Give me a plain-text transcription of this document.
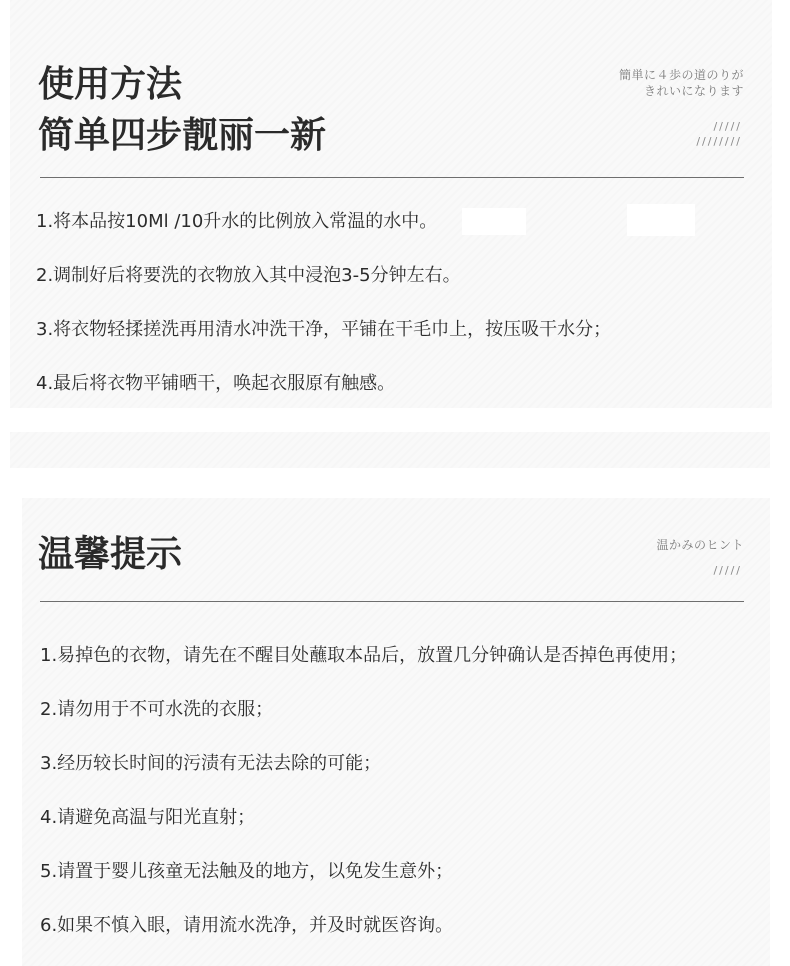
使用方法
简单四步靓丽一新
簡単に４歩の道のりが
きれいになります
/////
////////
1.将本品按10Ml /10升水的比例放入常温的水中。
2.调制好后将要洗的衣物放入其中浸泡3-5分钟左右。
3.将衣物轻揉搓洗再用清水冲洗干净，平铺在干毛巾上，按压吸干水分；
4.最后将衣物平铺晒干，唤起衣服原有触感。
温馨提示	温かみのヒント
/////
1.易掉色的衣物，请先在不醒目处蘸取本品后，放置几分钟确认是否掉色再使用；
2.请勿用于不可水洗的衣服；
3.经历较长时间的污渍有无法去除的可能；
4.请避免高温与阳光直射；
5.请置于婴儿孩童无法触及的地方，以免发生意外；
6.如果不慎入眼，请用流水洗净，并及时就医咨询。
